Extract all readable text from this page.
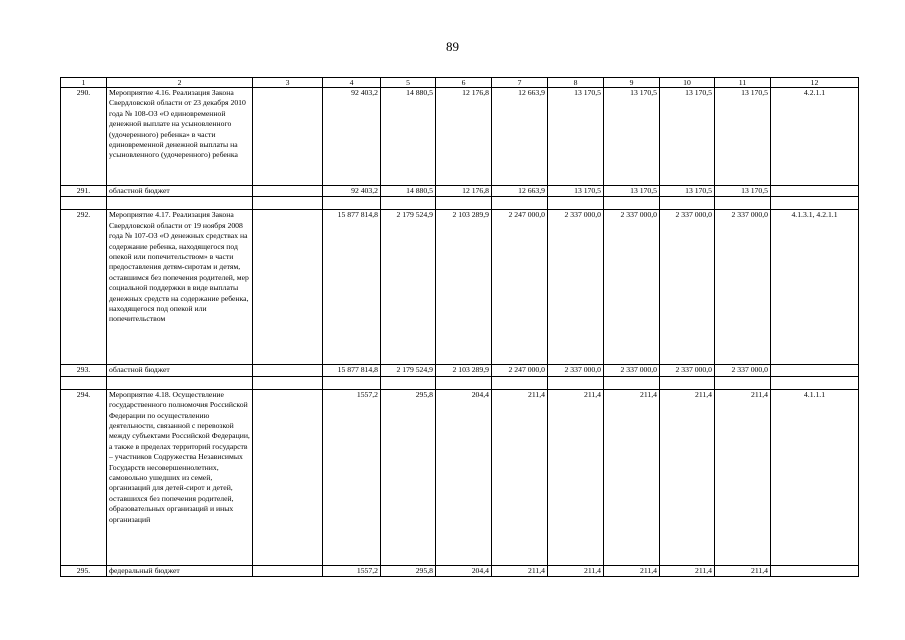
89
1	2	3	4	5	6	7	8	9	10	11	12
290.	Мероприятие 4.16. Реализация Закона Свердловской области от 23 декабря 2010 года № 108-ОЗ «О единовременной денежной выплате на усыновленного (удочеренного) ребенка» в части единовременной денежной выплаты на усыновленного (удочеренного) ребенка		92 403,2	14 880,5	12 176,8	12 663,9	13 170,5	13 170,5	13 170,5	13 170,5	4.2.1.1
291.	областной бюджет		92 403,2	14 880,5	12 176,8	12 663,9	13 170,5	13 170,5	13 170,5	13 170,5	

292.	Мероприятие 4.17. Реализация Закона Свердловской области от 19 ноября 2008 года № 107-ОЗ «О денежных средствах на содержание ребенка, находящегося под опекой или попечительством» в части предоставления детям-сиротам и детям, оставшимся без попечения родителей, мер социальной поддержки в виде выплаты денежных средств на содержание ребенка, находящегося под опекой или попечительством		15 877 814,8	2 179 524,9	2 103 289,9	2 247 000,0	2 337 000,0	2 337 000,0	2 337 000,0	2 337 000,0	4.1.3.1, 4.2.1.1
293.	областной бюджет		15 877 814,8	2 179 524,9	2 103 289,9	2 247 000,0	2 337 000,0	2 337 000,0	2 337 000,0	2 337 000,0	

294.	Мероприятие 4.18. Осуществление государственного полномочия Российской Федерации по осуществлению деятельности, связанной с перевозкой между субъектами Российской Федерации, а также в пределах территорий государств – участников Содружества Независимых Государств несовершеннолетних, самовольно ушедших из семей, организаций для детей-сирот и детей, оставшихся без попечения родителей, образовательных организаций и иных организаций		1557,2	295,8	204,4	211,4	211,4	211,4	211,4	211,4	4.1.1.1
295.	федеральный бюджет		1557,2	295,8	204,4	211,4	211,4	211,4	211,4	211,4	
